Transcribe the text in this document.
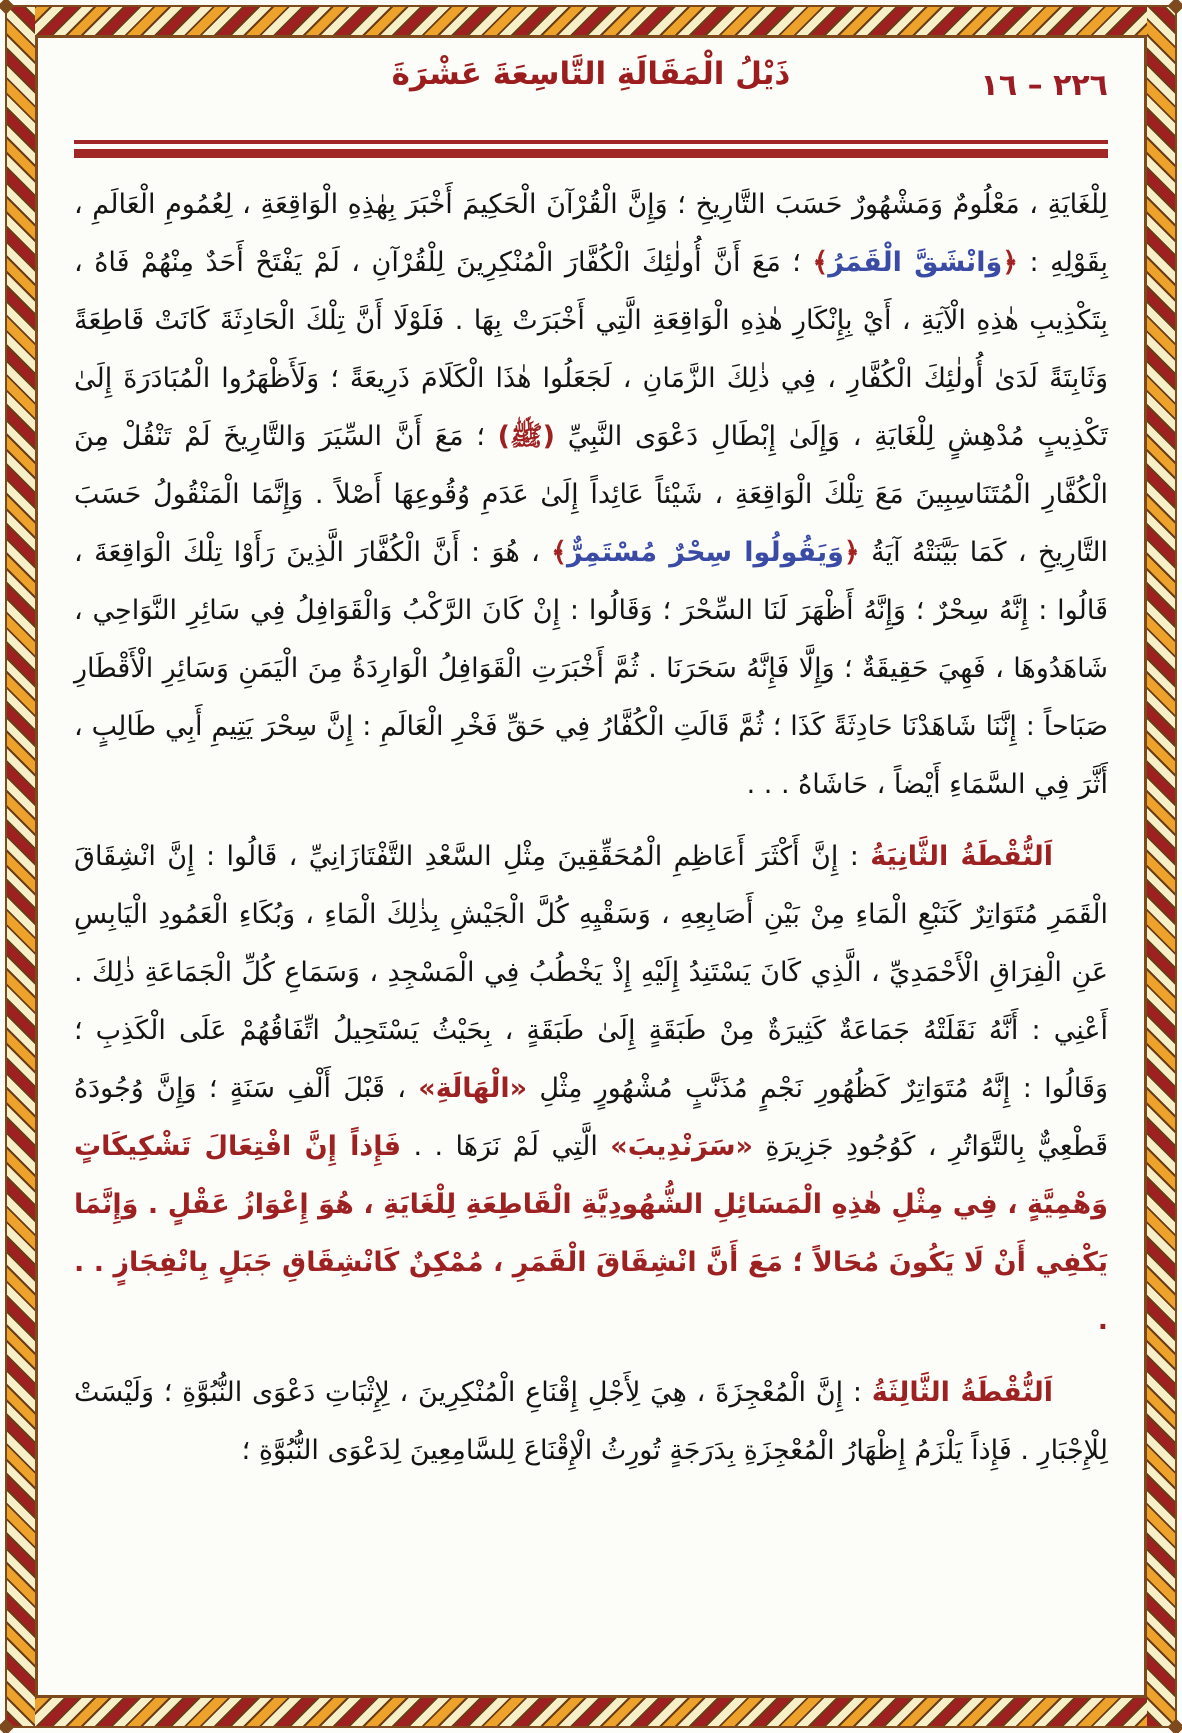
٢٢٦ – ١٦
ذَيْلُ الْمَقَالَةِ التَّاسِعَةَ عَشْرَةَ

لِلْغَايَةِ ، مَعْلُومٌ وَمَشْهُورٌ حَسَبَ التَّارِيخِ ؛ وَإِنَّ الْقُرْآنَ الْحَكِيمَ أَخْبَرَ بِهٰذِهِ الْوَاقِعَةِ ، لِعُمُومِ الْعَالَمِ ، بِقَوْلِهِ : ﴿وَانْشَقَّ الْقَمَرُ﴾ ؛ مَعَ أَنَّ أُولٰئِكَ الْكُفَّارَ الْمُنْكِرِينَ لِلْقُرْآنِ ، لَمْ يَفْتَحْ أَحَدٌ مِنْهُمْ فَاهُ ، بِتَكْذِيبِ هٰذِهِ الْآيَةِ ، أَيْ بِإِنْكَارِ هٰذِهِ الْوَاقِعَةِ الَّتِي أَخْبَرَتْ بِهَا . فَلَوْلَا أَنَّ تِلْكَ الْحَادِثَةَ كَانَتْ قَاطِعَةً وَثَابِتَةً لَدَىٰ أُولٰئِكَ الْكُفَّارِ ، فِي ذٰلِكَ الزَّمَانِ ، لَجَعَلُوا هٰذَا الْكَلَامَ ذَرِيعَةً ؛ وَلَأَظْهَرُوا الْمُبَادَرَةَ إِلَىٰ تَكْذِيبٍ مُدْهِشٍ لِلْغَايَةِ ، وَإِلَىٰ إِبْطَالِ دَعْوَى النَّبِيِّ (ﷺ) ؛ مَعَ أَنَّ السِّيَرَ وَالتَّارِيخَ لَمْ تَنْقُلْ مِنَ الْكُفَّارِ الْمُتَنَاسِبِينَ مَعَ تِلْكَ الْوَاقِعَةِ ، شَيْئاً عَائِداً إِلَىٰ عَدَمِ وُقُوعِهَا أَصْلاً . وَإِنَّمَا الْمَنْقُولُ حَسَبَ التَّارِيخِ ، كَمَا بَيَّنَتْهُ آيَةُ ﴿وَيَقُولُوا سِحْرٌ مُسْتَمِرٌّ﴾ ، هُوَ : أَنَّ الْكُفَّارَ الَّذِينَ رَأَوْا تِلْكَ الْوَاقِعَةَ ، قَالُوا : إِنَّهُ سِحْرٌ ؛ وَإِنَّهُ أَظْهَرَ لَنَا السِّحْرَ ؛ وَقَالُوا : إِنْ كَانَ الرَّكْبُ وَالْقَوَافِلُ فِي سَائِرِ النَّوَاحِي ، شَاهَدُوهَا ، فَهِيَ حَقِيقَةٌ ؛ وَإِلَّا فَإِنَّهُ سَحَرَنَا . ثُمَّ أَخْبَرَتِ الْقَوَافِلُ الْوَارِدَةُ مِنَ الْيَمَنِ وَسَائِرِ الْأَقْطَارِ صَبَاحاً : إِنَّنَا شَاهَدْنَا حَادِثَةً كَذَا ؛ ثُمَّ قَالَتِ الْكُفَّارُ فِي حَقِّ فَخْرِ الْعَالَمِ : إِنَّ سِحْرَ يَتِيمِ أَبِي طَالِبٍ ، أَثَّرَ فِي السَّمَاءِ أَيْضاً ، حَاشَاهُ . . .

اَلنُّقْطَةُ الثَّانِيَةُ : إِنَّ أَكْثَرَ أَعَاظِمِ الْمُحَقِّقِينَ مِثْلِ السَّعْدِ التَّفْتَازَانِيِّ ، قَالُوا : إِنَّ انْشِقَاقَ الْقَمَرِ مُتَوَاتِرٌ كَنَبْعِ الْمَاءِ مِنْ بَيْنِ أَصَابِعِهِ ، وَسَقْيِهِ كُلَّ الْجَيْشِ بِذٰلِكَ الْمَاءِ ، وَبُكَاءِ الْعَمُودِ الْيَابِسِ عَنِ الْفِرَاقِ الْأَحْمَدِيِّ ، الَّذِي كَانَ يَسْتَنِدُ إِلَيْهِ إِذْ يَخْطُبُ فِي الْمَسْجِدِ ، وَسَمَاعِ كُلِّ الْجَمَاعَةِ ذٰلِكَ . أَعْنِي : أَنَّهُ نَقَلَتْهُ جَمَاعَةٌ كَثِيرَةٌ مِنْ طَبَقَةٍ إِلَىٰ طَبَقَةٍ ، بِحَيْثُ يَسْتَحِيلُ اتِّفَاقُهُمْ عَلَى الْكَذِبِ ؛ وَقَالُوا : إِنَّهُ مُتَوَاتِرٌ كَظُهُورِ نَجْمٍ مُذَنَّبٍ مُشْهُورٍ مِثْلِ «الْهَالَةِ» ، قَبْلَ أَلْفِ سَنَةٍ ؛ وَإِنَّ وُجُودَهُ قَطْعِيٌّ بِالتَّوَاتُرِ ، كَوُجُودِ جَزِيرَةِ «سَرَنْدِيبَ» الَّتِي لَمْ نَرَهَا . . فَإِذاً إِنَّ افْتِعَالَ تَشْكِيكَاتٍ وَهْمِيَّةٍ ، فِي مِثْلِ هٰذِهِ الْمَسَائِلِ الشُّهُودِيَّةِ الْقَاطِعَةِ لِلْغَايَةِ ، هُوَ إِعْوَازُ عَقْلٍ . وَإِنَّمَا يَكْفِي أَنْ لَا يَكُونَ مُحَالاً ؛ مَعَ أَنَّ انْشِقَاقَ الْقَمَرِ ، مُمْكِنٌ كَانْشِقَاقِ جَبَلٍ بِانْفِجَازٍ . . .

اَلنُّقْطَةُ الثَّالِثَةُ : إِنَّ الْمُعْجِزَةَ ، هِيَ لِأَجْلِ إِقْنَاعِ الْمُنْكِرِينَ ، لِإِثْبَاتِ دَعْوَى النُّبُوَّةِ ؛ وَلَيْسَتْ لِلْإِجْبَارِ . فَإِذاً يَلْزَمُ إِظْهَارُ الْمُعْجِزَةِ بِدَرَجَةٍ تُورِثُ الْإِقْنَاعَ لِلسَّامِعِينَ لِدَعْوَى النُّبُوَّةِ ؛
